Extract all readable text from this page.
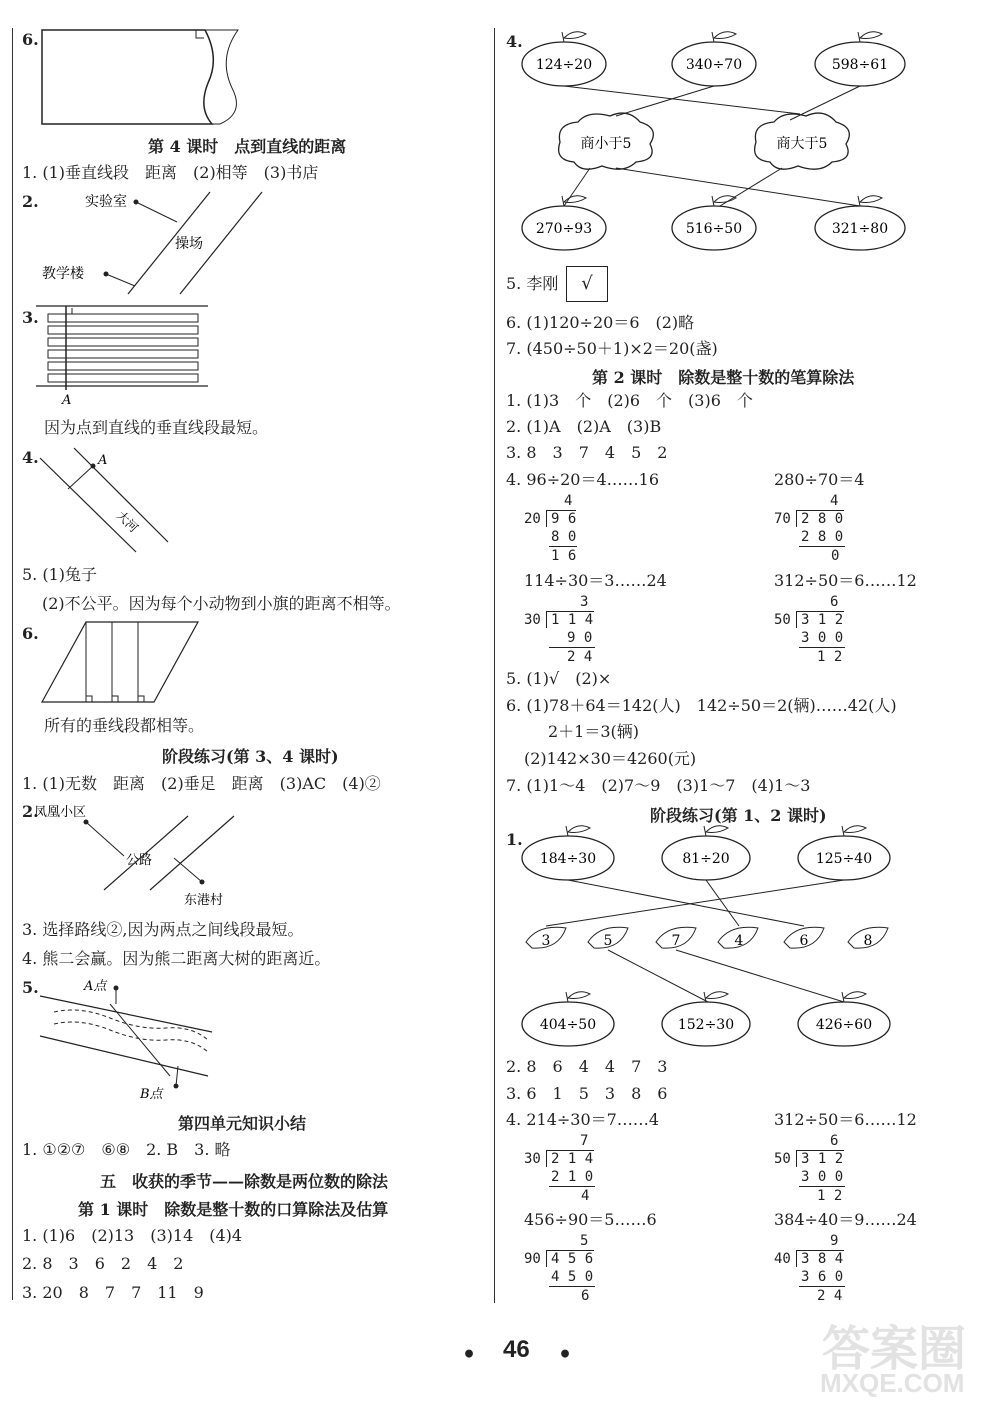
6.
第 4 课时　点到直线的距离
1. (1)垂直线段　距离　(2)相等　(3)书店
2.	实验室
操场
教学楼
3.
A
因为点到直线的垂直线段最短。
4.	A
大河
5. (1)兔子
(2)不公平。因为每个小动物到小旗的距离不相等。
6.
所有的垂线段都相等。
阶段练习(第 3、4 课时)
1. (1)无数　距离　(2)垂足　距离　(3)AC　(4)②
2.
凤凰小区
公路
东港村
3. 选择路线②,因为两点之间线段最短。
4. 熊二会赢。因为熊二距离大树的距离近。
5.	A点
B点
第四单元知识小结
1. ①②⑦　⑥⑧　2. B　3. 略
五　收获的季节——除数是两位数的除法
第 1 课时　除数是整十数的口算除法及估算
1. (1)6　(2)13　(3)14　(4)4
2. 8　3　6　2　4　2
3. 20　8　7　7　11　9
4.
124÷20	340÷70	598÷61
商小于5	商大于5
270÷93	516÷50	321÷80
5. 李刚	√
6. (1)120÷20＝6　(2)略
7. (450÷50＋1)×2＝20(盏)
第 2 课时　除数是整十数的笔算除法
1. (1)3　个　(2)6　个　(3)6　个
2. (1)A　(2)A　(3)B
3. 8　3　7　4　5　2
4. 96÷20＝4……16	280÷70＝4
4
20 9 6
8 0
1 6
4
70 2 8 0
2 8 0
0
114÷30＝3……24	312÷50＝6……12
3
30 1 1 4
9 0
2 4
6
50 3 1 2
3 0 0
1 2
5. (1)√　(2)×
6. (1)78＋64＝142(人)　142÷50＝2(辆)……42(人)
2＋1＝3(辆)
(2)142×30＝4260(元)
7. (1)1～4　(2)7～9　(3)1～7　(4)1～3
阶段练习(第 1、2 课时)
1.
184÷30	81÷20	125÷40
3	5	7	4	6	8
404÷50	152÷30	426÷60
2. 8　6　4　4　7　3
3. 6　1　5　3　8　6
4. 214÷30＝7……4	312÷50＝6……12
7
30 2 1 4
2 1 0
4
6
50 3 1 2
3 0 0
1 2
456÷90＝5……6	384÷40＝9……24
5
90 4 5 6
4 5 0
6
9
40 3 8 4
3 6 0
2 4
• 46 •	答案圈
MXQE.COM
